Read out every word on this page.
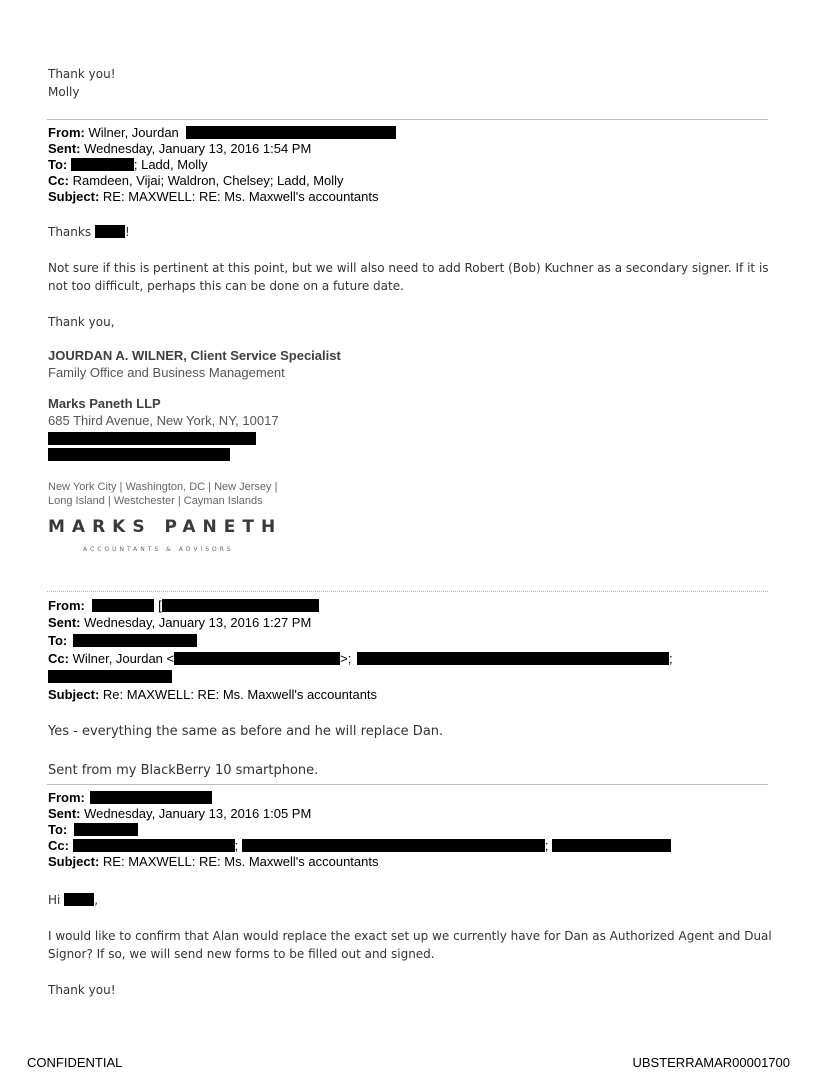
Thank you!
Molly
From: Wilner, Jourdan
Sent: Wednesday, January 13, 2016 1:54 PM
To:	; Ladd, Molly
Cc: Ramdeen, Vijai; Waldron, Chelsey; Ladd, Molly
Subject: RE: MAXWELL: RE: Ms. Maxwell's accountants
Thanks	!
Not sure if this is pertinent at this point, but we will also need to add Robert (Bob) Kuchner as a secondary signer. If it is
not too difficult, perhaps this can be done on a future date.
Thank you,
JOURDAN A. WILNER, Client Service Specialist
Family Office and Business Management
Marks Paneth LLP
685 Third Avenue, New York, NY, 10017
New York City | Washington, DC | New Jersey |
Long Island | Westchester | Cayman Islands
MARKS PANETH
ACCOUNTANTS & ADVISORS
From:	[
Sent: Wednesday, January 13, 2016 1:27 PM
To:
Cc: Wilner, Jourdan <	>;	;
Subject: Re: MAXWELL: RE: Ms. Maxwell's accountants
Yes - everything the same as before and he will replace Dan.
Sent from my BlackBerry 10 smartphone.
From:
Sent: Wednesday, January 13, 2016 1:05 PM
To:
Cc:	;	;
Subject: RE: MAXWELL: RE: Ms. Maxwell's accountants
Hi	,
I would like to confirm that Alan would replace the exact set up we currently have for Dan as Authorized Agent and Dual
Signor? If so, we will send new forms to be filled out and signed.
Thank you!
CONFIDENTIAL	UBSTERRAMAR00001700
